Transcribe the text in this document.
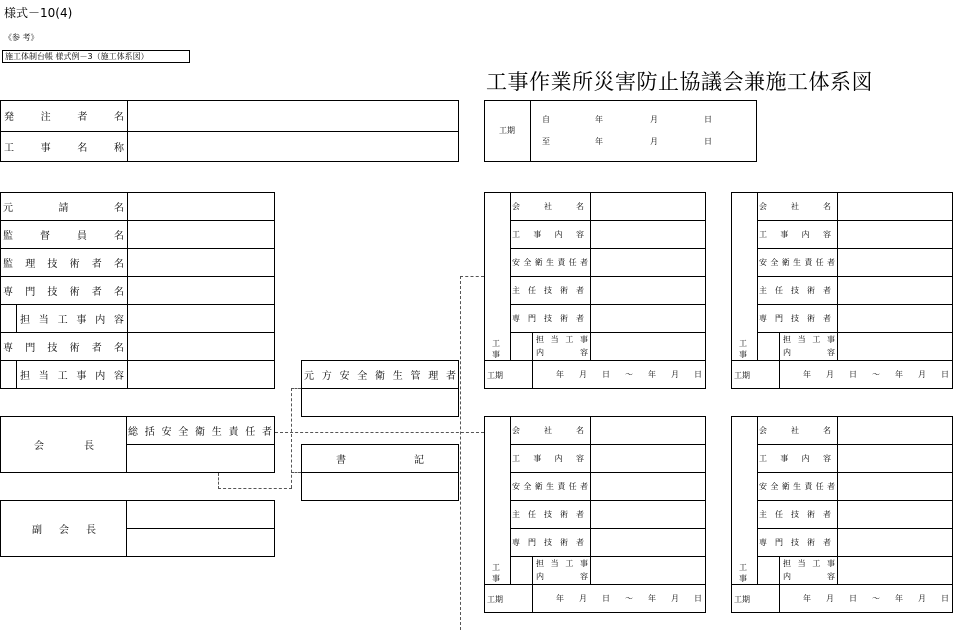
様式－10(4)
《参 考》
施工体制台帳 様式例－3（施工体系図）
工事作業所災害防止協議会兼施工体系図
発	注	者	名
工	事	名	称
工期
自	年	月	日
至	年	月	日
元	請	名
監	督	員	名
監 理 技 術 者 名
専 門 技 術 者 名
担 当 工 事 内 容
専 門 技 術 者 名
担 当 工 事 内 容
会	長
総 括 安 全 衛 生 責 任 者
副 会 長
元 方 安 全 衛 生 管 理 者
書	記
会	社	名
工 事 内 容
安 全 衛 生 責 任 者
主 任 技 術 者
専 門 技 術 者
担 当 工 事
内	容
工事
工期	年 月 日 ～ 年 月 日
会	社	名
工 事 内 容
安 全 衛 生 責 任 者
主 任 技 術 者
専 門 技 術 者
担 当 工 事
内	容
工事
工期	年 月 日 ～ 年 月 日
会	社	名
工 事 内 容
安 全 衛 生 責 任 者
主 任 技 術 者
専 門 技 術 者
担 当 工 事
内	容
工事
工期	年 月 日 ～ 年 月 日
会	社	名
工 事 内 容
安 全 衛 生 責 任 者
主 任 技 術 者
専 門 技 術 者
担 当 工 事
内	容
工事
工期	年 月 日 ～ 年 月 日
